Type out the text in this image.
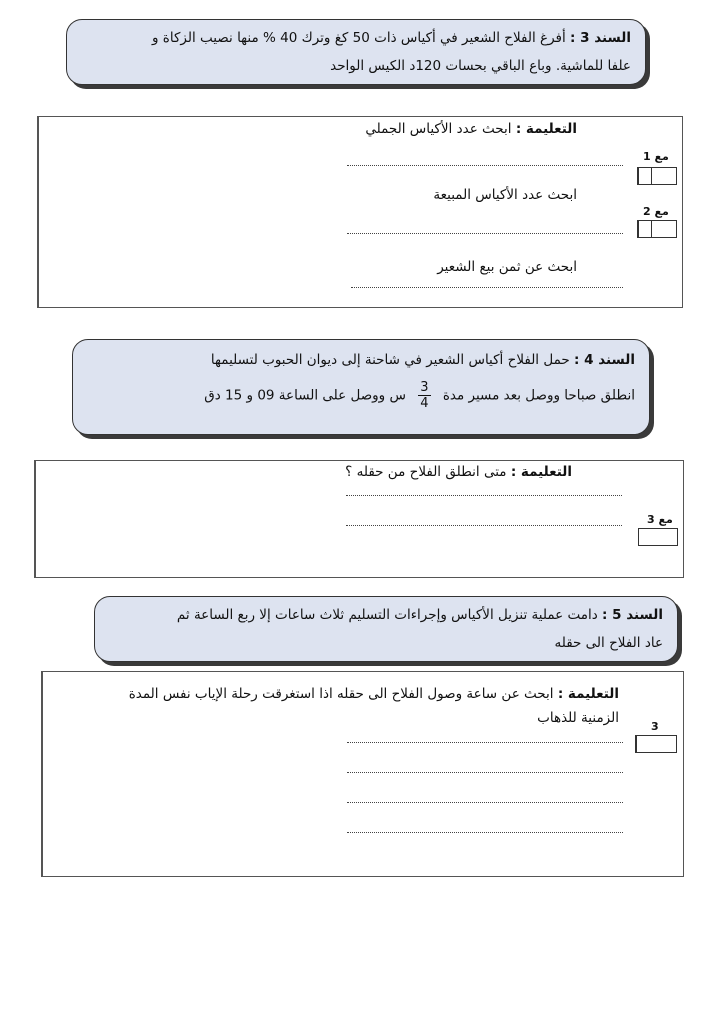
السند 3 : أفرغ الفلاح الشعير في أكياس ذات 50 كغ وترك 40 % منها نصيب الزكاة و
علفا للماشية. وباع الباقي بحسات 120د الكيس الواحد
التعليمة : ابحث عدد الأكياس الجملي
ابحث عدد الأكياس المبيعة
ابحث عن ثمن بيع الشعير
مع 1
مع 2
السند 4 : حمل الفلاح أكياس الشعير في شاحنة إلى ديوان الحبوب لتسليمها
انطلق صباحا ووصل بعد مسير مدة
$\frac{3}{4}$
س ووصل على الساعة 09 و 15 دق
التعليمة : متى انطلق الفلاح من حقله ؟
مع 3
السند 5 : دامت عملية تنزيل الأكياس وإجراءات التسليم ثلاث ساعات إلا ربع الساعة ثم
عاد الفلاح الى حقله
التعليمة : ابحث عن ساعة وصول الفلاح الى حقله اذا استغرقت رحلة الإياب نفس المدة
الزمنية للذهاب
3
